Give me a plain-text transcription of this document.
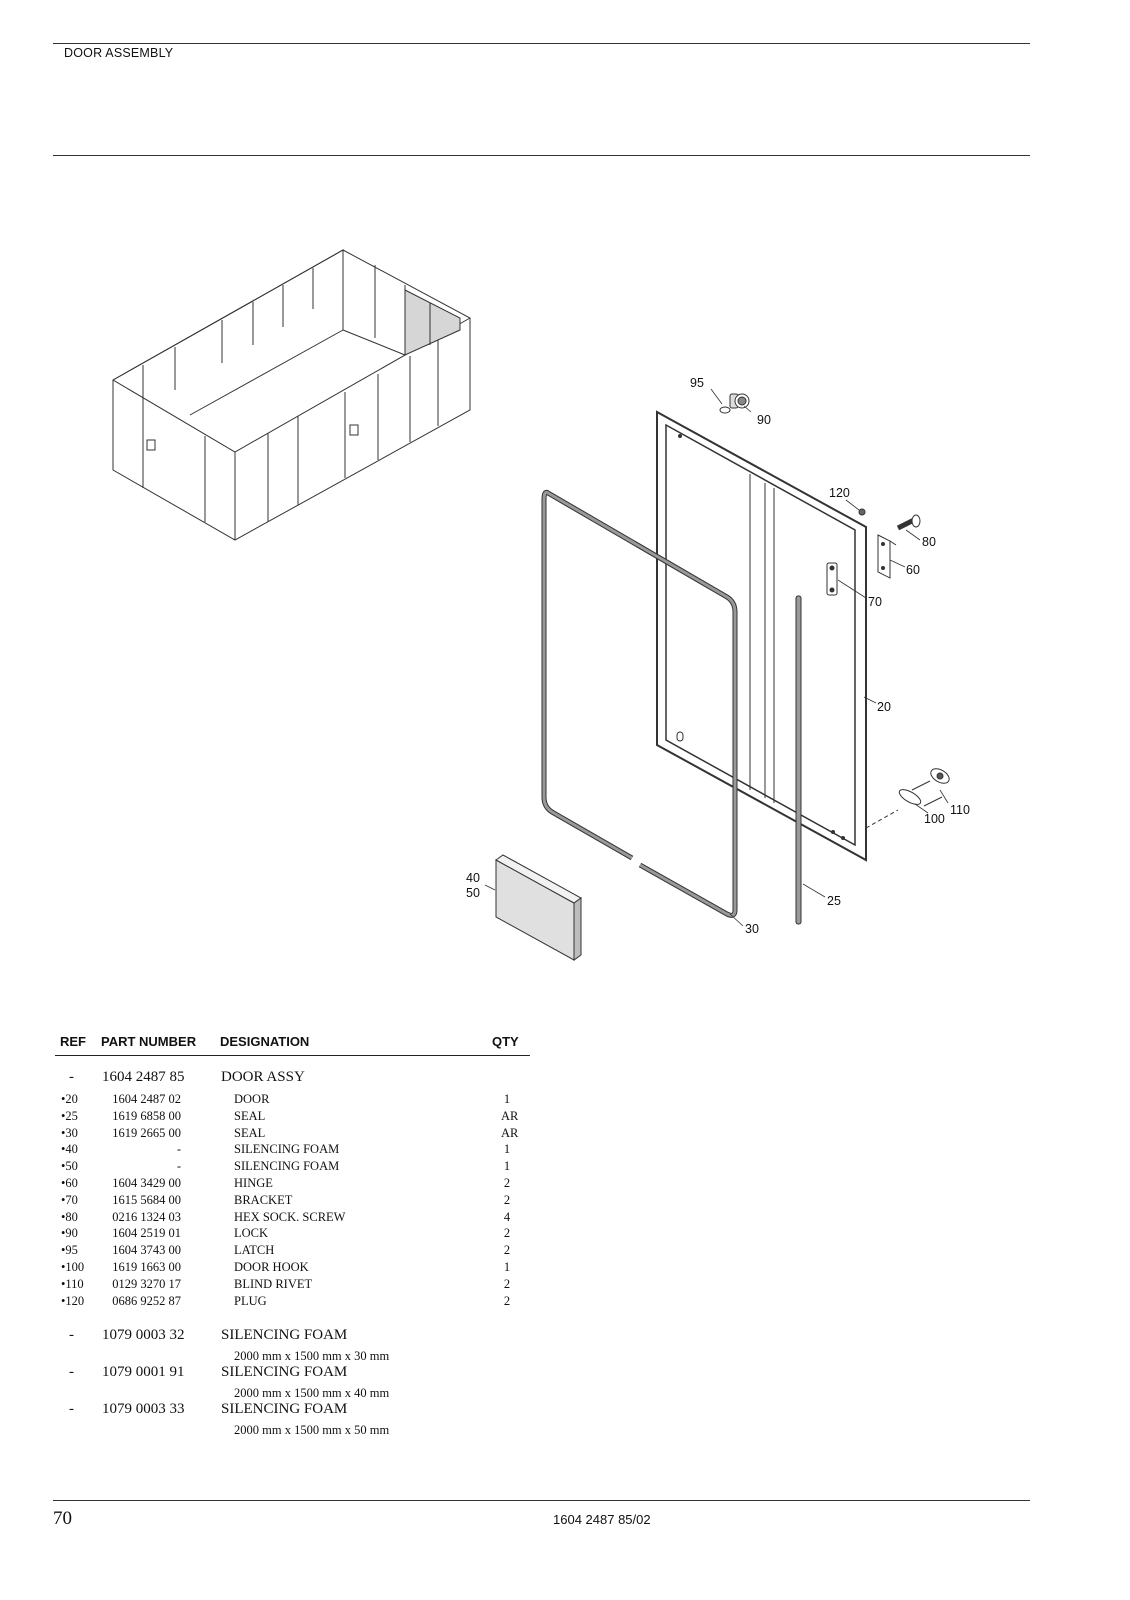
DOOR ASSEMBLY
95
90
120
80
60
70
20
110
100
40
50
25
30
REF PART NUMBER DESIGNATION	QTY
- 1604 2487 85 DOOR ASSY
•20	1604 2487 02	DOOR	1
•25	1619 6858 00	SEAL	AR
•30	1619 2665 00	SEAL	AR
•40	-	SILENCING FOAM	1
•50	-	SILENCING FOAM	1
•60	1604 3429 00	HINGE	2
•70	1615 5684 00	BRACKET	2
•80	0216 1324 03	HEX SOCK. SCREW	4
•90	1604 2519 01	LOCK	2
•95	1604 3743 00	LATCH	2
•100 1619 1663 00	DOOR HOOK	1
•110 0129 3270 17	BLIND RIVET	2
•120 0686 9252 87	PLUG	2
- 1079 0003 32 SILENCING FOAM
2000 mm x 1500 mm x 30 mm
- 1079 0001 91 SILENCING FOAM
2000 mm x 1500 mm x 40 mm
- 1079 0003 33 SILENCING FOAM
2000 mm x 1500 mm x 50 mm
70	1604 2487 85/02
